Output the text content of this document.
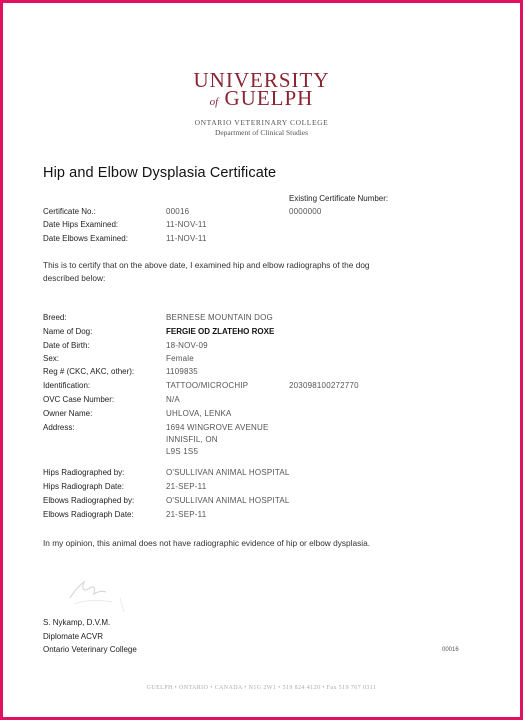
UNIVERSITY
of GUELPH
ONTARIO VETERINARY COLLEGE
Department of Clinical Studies
Hip and Elbow Dysplasia Certificate
Existing Certificate Number:
0000000
Certificate No.:	00016
Date Hips Examined:	11-NOV-11
Date Elbows Examined:	11-NOV-11
This is to certify that on the above date, I examined hip and elbow radiographs of the dog
described below:
Breed:	BERNESE MOUNTAIN DOG
Name of Dog:	FERGIE OD ZLATEHO ROXE
Date of Birth:	18-NOV-09
Sex:	Female
Reg # (CKC, AKC, other):	1109835
Identification:	TATTOO/MICROCHIP	203098100272770
OVC Case Number:	N/A
Owner Name:	UHLOVA, LENKA
Address:	1694 WINGROVE AVENUE
INNISFIL, ON
L9S 1S5
Hips Radiographed by:	O'SULLIVAN ANIMAL HOSPITAL
Hips Radiograph Date:	21-SEP-11
Elbows Radiographed by:	O'SULLIVAN ANIMAL HOSPITAL
Elbows Radiograph Date:	21-SEP-11
In my opinion, this animal does not have radiographic evidence of hip or elbow dysplasia.
S. Nykamp, D.V.M.
Diplomate ACVR
Ontario Veterinary College	00016
GUELPH • ONTARIO • CANADA • N1G 2W1 • 519 824 4120 • Fax 519 767 0311
